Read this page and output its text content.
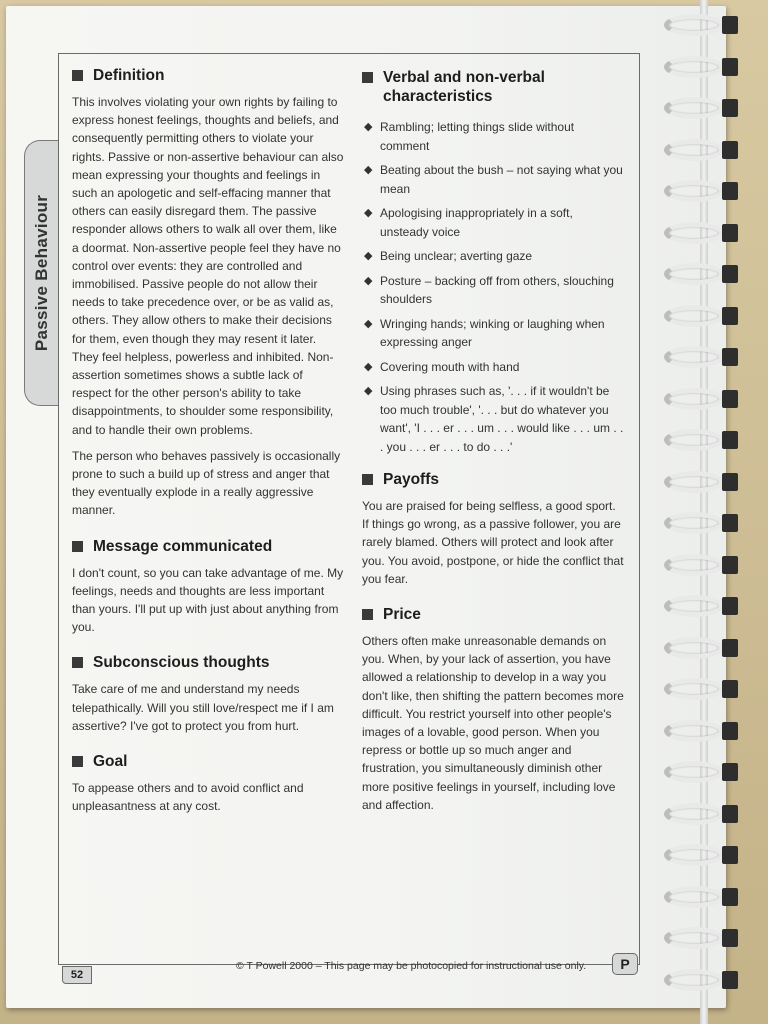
Passive Behaviour
Definition

This involves violating your own rights by failing to express honest feelings, thoughts and beliefs, and consequently permitting others to violate your rights. Passive or non-assertive behaviour can also mean expressing your thoughts and feelings in such an apologetic and self-effacing manner that others can easily disregard them. The passive responder allows others to walk all over them, like a doormat. Non-assertive people feel they have no control over events: they are controlled and immobilised. Passive people do not allow their needs to take precedence over, or be as valid as, others. They allow others to make their decisions for them, even though they may resent it later. They feel helpless, powerless and inhibited. Non-assertion sometimes shows a subtle lack of respect for the other person's ability to take disappointments, to shoulder some responsibility, and to handle their own problems.

The person who behaves passively is occasionally prone to such a build up of stress and anger that they eventually explode in a really aggressive manner.

Message communicated

I don't count, so you can take advantage of me. My feelings, needs and thoughts are less important than yours. I'll put up with just about anything from you.

Subconscious thoughts

Take care of me and understand my needs telepathically. Will you still love/respect me if I am assertive? I've got to protect you from hurt.

Goal

To appease others and to avoid conflict and unpleasantness at any cost.

Verbal and non-verbal characteristics
◆ Rambling; letting things slide without comment
◆ Beating about the bush – not saying what you mean
◆ Apologising inappropriately in a soft, unsteady voice
◆ Being unclear; averting gaze
◆ Posture – backing off from others, slouching shoulders
◆ Wringing hands; winking or laughing when expressing anger
◆ Covering mouth with hand
◆ Using phrases such as, '. . . if it wouldn't be too much trouble', '. . . but do whatever you want', 'I . . . er . . . um . . . would like . . . um . . . you . . . er . . . to do . . .'
Payoffs

You are praised for being selfless, a good sport. If things go wrong, as a passive follower, you are rarely blamed. Others will protect and look after you. You avoid, postpone, or hide the conflict that you fear.

Price

Others often make unreasonable demands on you. When, by your lack of assertion, you have allowed a relationship to develop in a way you don't like, then shifting the pattern becomes more difficult. You restrict yourself into other people's images of a lovable, good person. When you repress or bottle up so much anger and frustration, you simultaneously diminish other more positive feelings in yourself, including love and affection.

52
© T Powell 2000 – This page may be photocopied for instructional use only.	P
